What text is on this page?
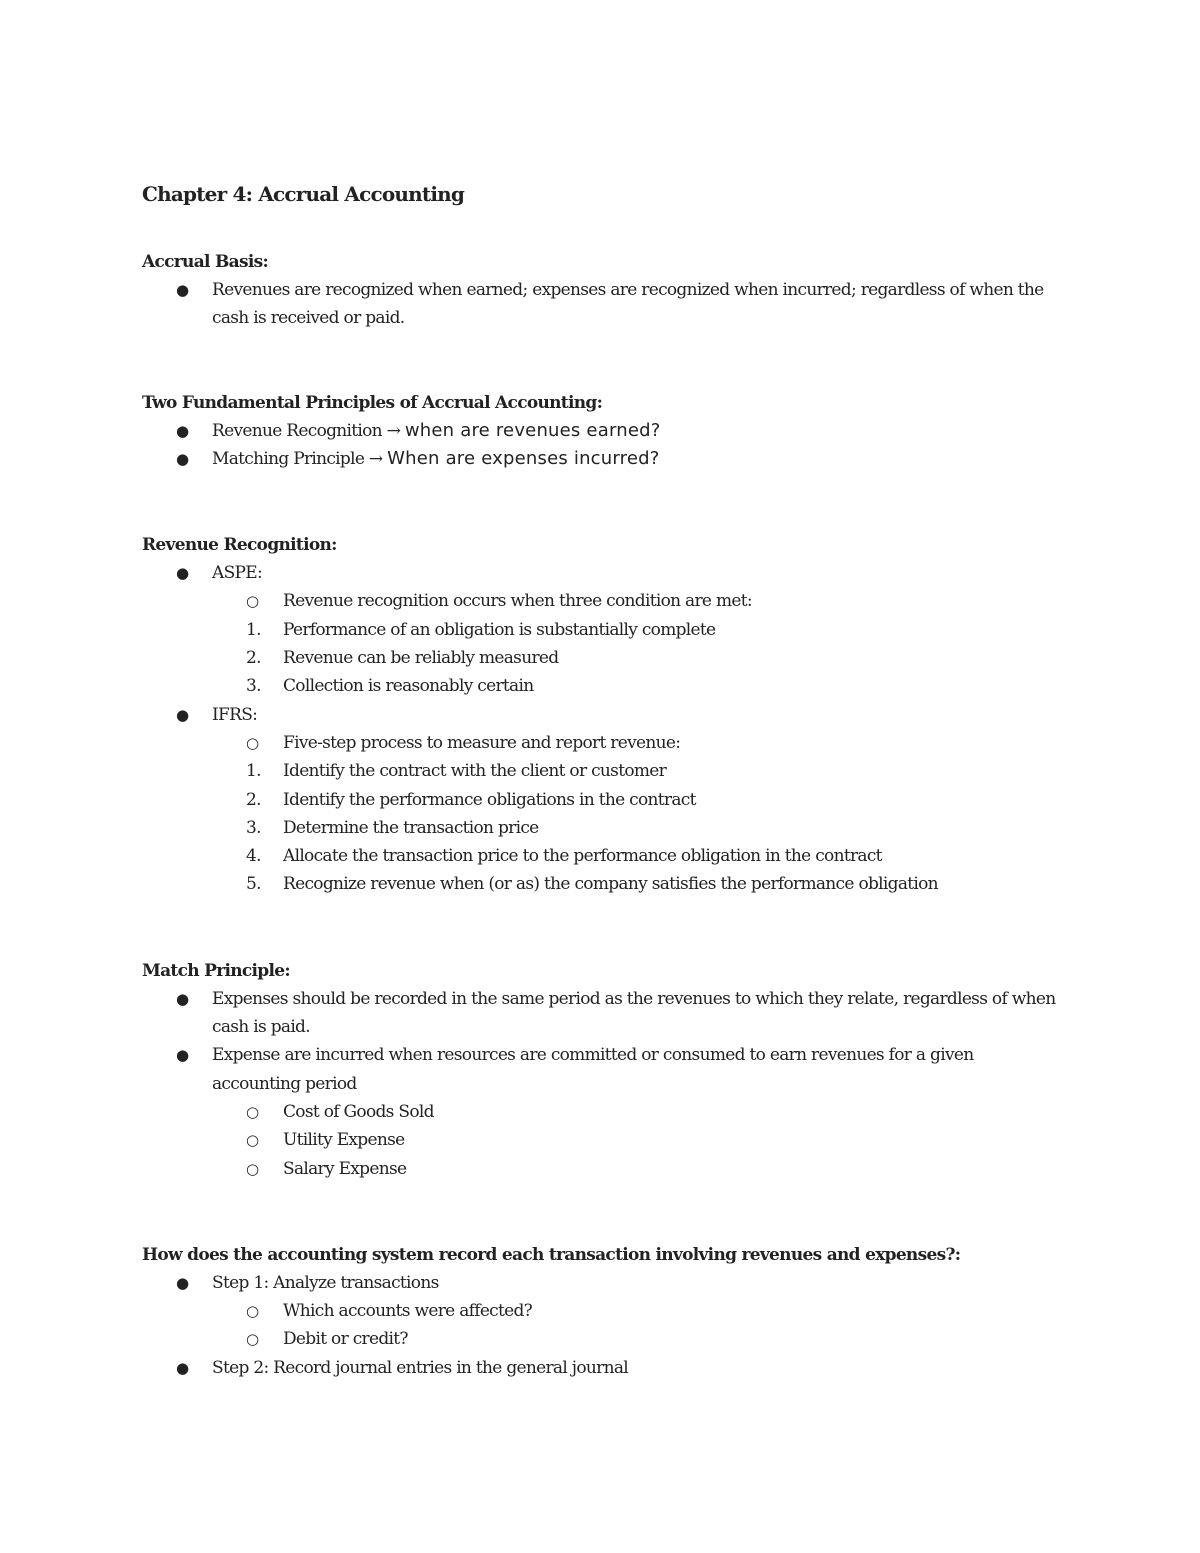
Chapter 4: Accrual Accounting
Accrual Basis:
● Revenues are recognized when earned; expenses are recognized when incurred; regardless of when the cash is received or paid.
Two Fundamental Principles of Accrual Accounting:
● Revenue Recognition → when are revenues earned?
● Matching Principle → When are expenses incurred?
Revenue Recognition:
● ASPE:
○ Revenue recognition occurs when three condition are met:
1. Performance of an obligation is substantially complete
2. Revenue can be reliably measured
3. Collection is reasonably certain
● IFRS:
○ Five-step process to measure and report revenue:
1. Identify the contract with the client or customer
2. Identify the performance obligations in the contract
3. Determine the transaction price
4. Allocate the transaction price to the performance obligation in the contract
5. Recognize revenue when (or as) the company satisfies the performance obligation
Match Principle:
● Expenses should be recorded in the same period as the revenues to which they relate, regardless of when cash is paid.
● Expense are incurred when resources are committed or consumed to earn revenues for a given accounting period
○ Cost of Goods Sold
○ Utility Expense
○ Salary Expense
How does the accounting system record each transaction involving revenues and expenses?:
● Step 1: Analyze transactions
○ Which accounts were affected?
○ Debit or credit?
● Step 2: Record journal entries in the general journal
